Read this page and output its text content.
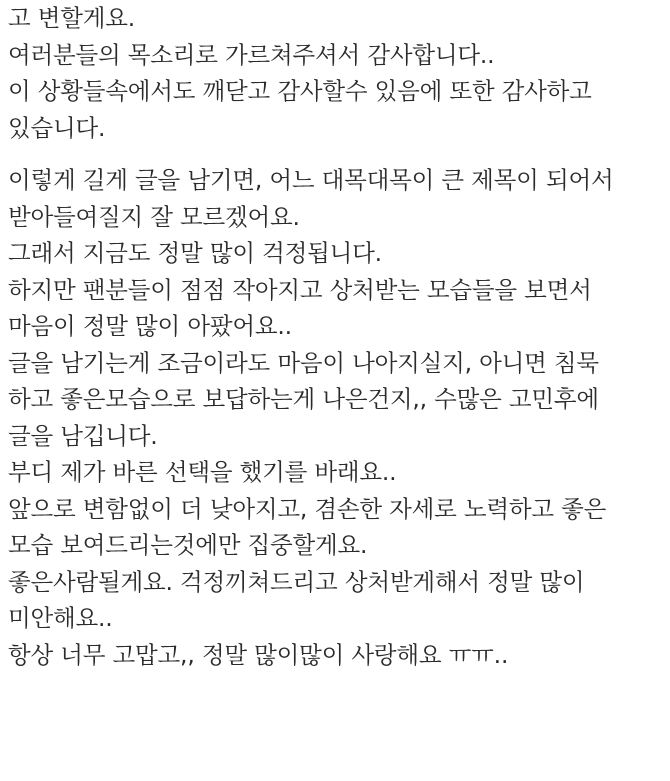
고 변할게요.

여러분들의 목소리로 가르쳐주셔서 감사합니다..

이 상황들속에서도 깨닫고 감사할수 있음에 또한 감사하고

있습니다.

이렇게 길게 글을 남기면, 어느 대목대목이 큰 제목이 되어서

받아들여질지 잘 모르겠어요.

그래서 지금도 정말 많이 걱정됩니다.

하지만 팬분들이 점점 작아지고 상처받는 모습들을 보면서

마음이 정말 많이 아팠어요..

글을 남기는게 조금이라도 마음이 나아지실지, 아니면 침묵

하고 좋은모습으로 보답하는게 나은건지,, 수많은 고민후에

글을 남깁니다.

부디 제가 바른 선택을 했기를 바래요..

앞으로 변함없이 더 낮아지고, 겸손한 자세로 노력하고 좋은

모습 보여드리는것에만 집중할게요.

좋은사람될게요. 걱정끼쳐드리고 상처받게해서 정말 많이

미안해요..

항상 너무 고맙고,, 정말 많이많이 사랑해요 ㅠㅠ..
